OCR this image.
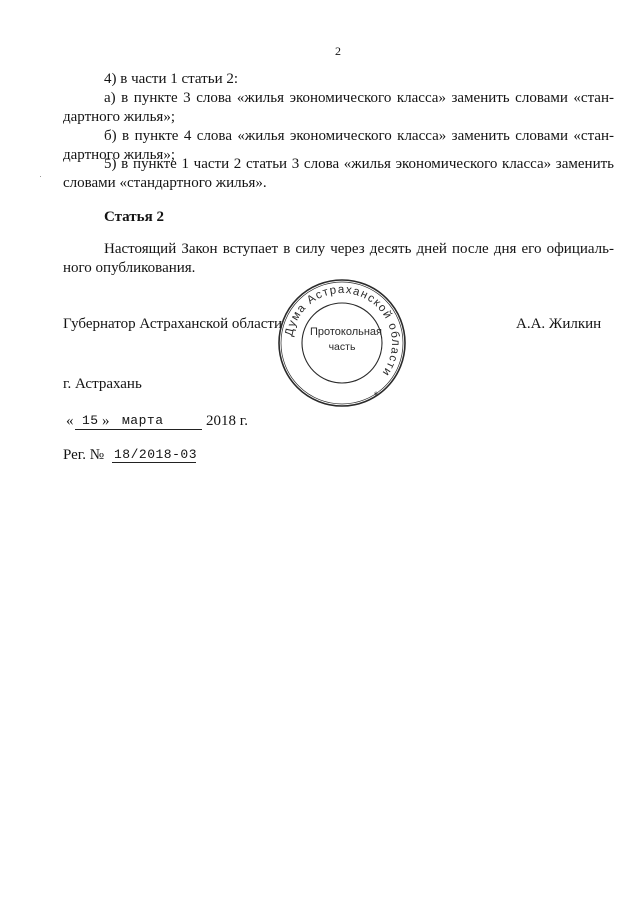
2
4) в части 1 статьи 2:
а) в пункте 3 слова «жилья экономического класса» заменить словами «стан-
дартного жилья»;
б) в пункте 4 слова «жилья экономического класса» заменить словами «стан-
дартного жилья»;
5) в пункте 1 части 2 статьи 3 слова «жилья экономического класса» заменить
словами «стандартного жилья».
Статья 2
Настоящий Закон вступает в силу через десять дней после дня его официаль-
ного опубликования.
Губернатор Астраханской области	А.А. Жилкин
Дума Астраханской области
Протокольная
часть
*
г. Астрахань
« 15 » марта	2018 г.
Рег. № 18/2018-03
